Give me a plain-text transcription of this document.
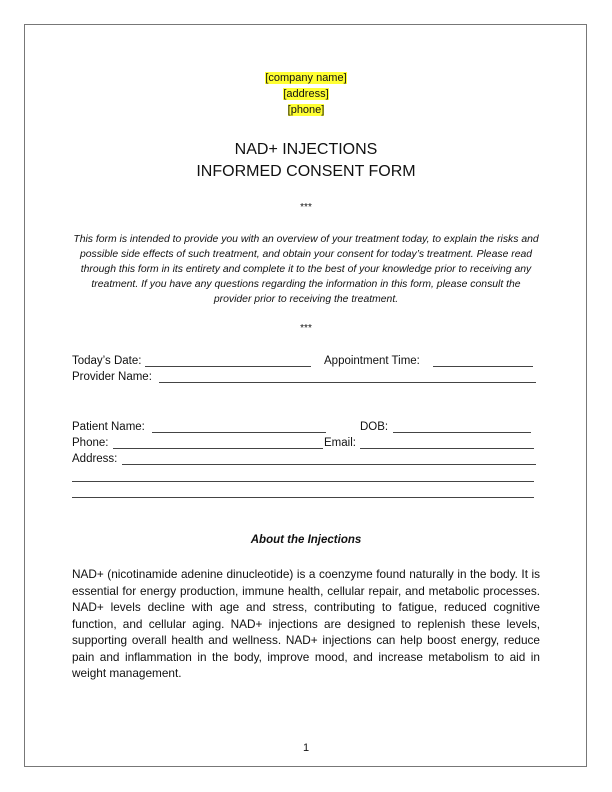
[company name]
[address]
[phone]
NAD+ INJECTIONS
INFORMED CONSENT FORM
***
This form is intended to provide you with an overview of your treatment today, to explain the risks and possible side effects of such treatment, and obtain your consent for today’s treatment. Please read through this form in its entirety and complete it to the best of your knowledge prior to receiving any treatment. If you have any questions regarding the information in this form, please consult the provider prior to receiving the treatment.
***
Today’s Date:	Appointment Time:
Provider Name:
Patient Name:	DOB:
Phone:	Email:
Address:
About the Injections
NAD+ (nicotinamide adenine dinucleotide) is a coenzyme found naturally in the body. It is essential for energy production, immune health, cellular repair, and metabolic processes. NAD+ levels decline with age and stress, contributing to fatigue, reduced cognitive function, and cellular aging. NAD+ injections are designed to replenish these levels, supporting overall health and wellness. NAD+ injections can help boost energy, reduce pain and inflammation in the body, improve mood, and increase metabolism to aid in weight management.
1
